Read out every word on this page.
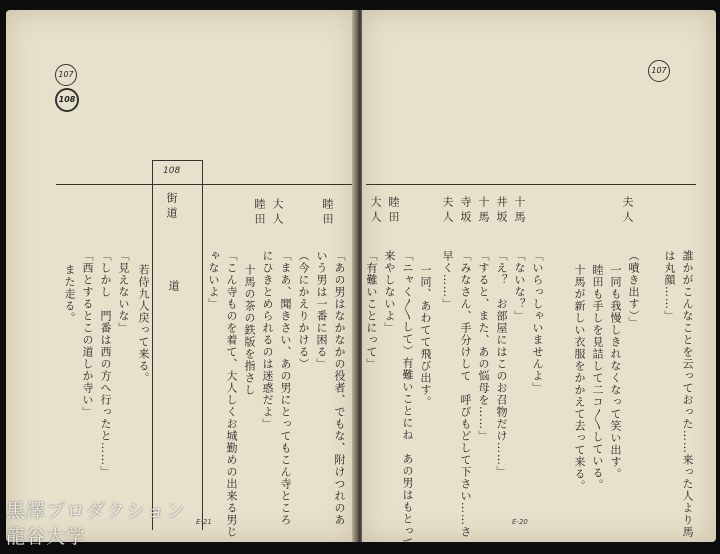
107
108
108
街道
道
睦田
大人
睦田
「あの男はなかなかの役者、でもな、附けつれのあ
いう男は一番に困る」
（今にかえりかける）
「まあ、聞きさい、あの男にとってもこん寺ところ
にひきとめられるのは迷惑だよ」
十馬の茶の鉄版を指さし
「こん寺ものを着て、大人しくお城勤めの出来る男じ
ゃないよ」
若侍九人戻って来る。
「見えないな」
「しかし　門番は西の方へ行ったと……」
「西とするとこの道しか寺い」
また走る。
E-21
107
夫人
十馬
井坂
十馬
寺坂
夫人
睦田
大人
誰かがこんなことを云っておった……来った人より馬
は丸顔……」
（噴き出す）」
一同も我慢しきれなくなって笑い出す。
睦田も手しを見詰して二コ〳〵している。
十馬が新しい衣服をかかえて去って来る。
「いらっしゃいませんよ」
「ないな？」
「え？　お部屋にはこのお召物だけ……」
「すると、また、あの悩母を……」
「みなさん、手分けして　呼びもどして下さい……さ
早く……」
一同、あわてて飛び出す。
「ニャく〳〵して）有難いことにね　あの男はもとって
来やしないよ」
「有難いことにって」
E-20
黒澤プロダクション
龍谷大学
